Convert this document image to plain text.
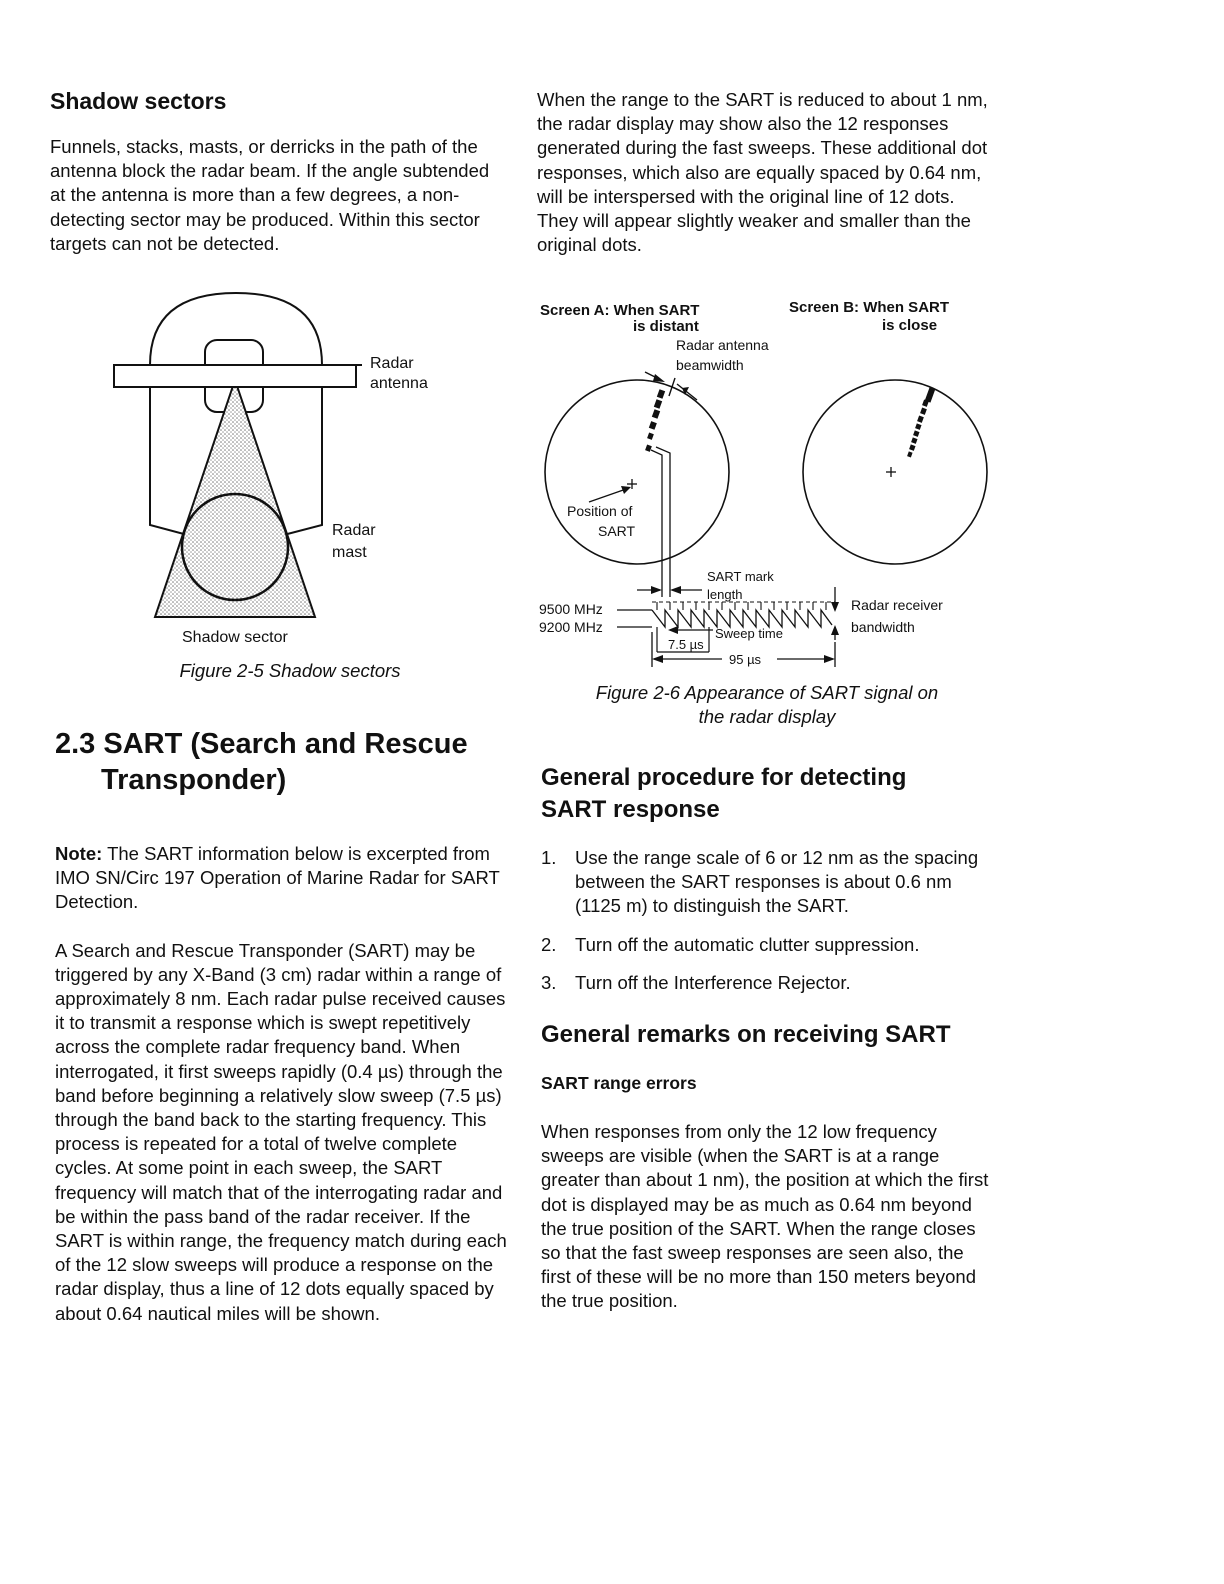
Shadow sectors

Funnels, stacks, masts, or derricks in the path of the antenna block the radar beam. If the angle subtended at the antenna is more than a few degrees, a non-detecting sector may be produced. Within this sector targets can not be detected.

Radar
antenna
Radar
mast
Shadow sector

Figure 2-5 Shadow sectors

2.3 SART (Search and Rescue

Transponder)

Note: The SART information below is excerpted from IMO SN/Circ 197 Operation of Marine Radar for SART Detection.

A Search and Rescue Transponder (SART) may be triggered by any X-Band (3 cm) radar within a range of approximately 8 nm. Each radar pulse received causes it to transmit a response which is swept repetitively across the complete radar frequency band. When interrogated, it first sweeps rapidly (0.4 µs) through the band before beginning a relatively slow sweep (7.5 µs) through the band back to the starting frequency. This process is repeated for a total of twelve complete cycles. At some point in each sweep, the SART frequency will match that of the interrogating radar and be within the pass band of the radar receiver. If the SART is within range, the frequency match during each of the 12 slow sweeps will produce a response on the radar display, thus a line of 12 dots equally spaced by about 0.64 nautical miles will be shown.

When the range to the SART is reduced to about 1 nm, the radar display may show also the 12 responses generated during the fast sweeps. These additional dot responses, which also are equally spaced by 0.64 nm, will be interspersed with the original line of 12 dots. They will appear slightly weaker and smaller than the original dots.

Screen A: When SART
is distant
Screen B: When SART
is close
Radar antenna
beamwidth
Position of
SART
SART mark
length
9500 MHz
9200 MHz
Radar receiver
bandwidth
Sweep time
7.5 µs
95 µs

Figure 2-6 Appearance of SART signal on

the radar display

General procedure for detecting

SART response

1. Use the range scale of 6 or 12 nm as the spacing between the SART responses is about 0.6 nm (1125 m) to distinguish the SART.
2. Turn off the automatic clutter suppression.
3. Turn off the Interference Rejector.

General remarks on receiving SART

SART range errors

When responses from only the 12 low frequency sweeps are visible (when the SART is at a range greater than about 1 nm), the position at which the first dot is displayed may be as much as 0.64 nm beyond the true position of the SART. When the range closes so that the fast sweep responses are seen also, the first of these will be no more than 150 meters beyond the true position.
